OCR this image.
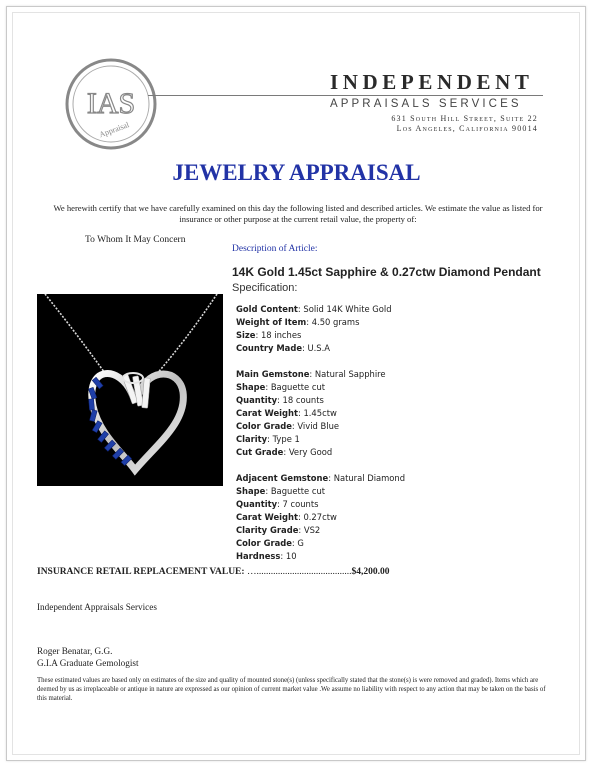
IAS
Appraisal
INDEPENDENT
APPRAISALS SERVICES
631 South Hill Street, Suite 22
Los Angeles, California 90014
JEWELRY APPRAISAL
We herewith certify that we have carefully examined on this day the following listed and described articles. We estimate the value as listed for insurance or other purpose at the current retail value, the property of:
To Whom It May Concern
Description of Article:
14K Gold 1.45ct Sapphire & 0.27ctw Diamond Pendant
Specification:
Gold Content: Solid 14K White Gold
Weight of Item: 4.50 grams
Size: 18 inches
Country Made: U.S.A
Main Gemstone: Natural Sapphire
Shape: Baguette cut
Quantity: 18 counts
Carat Weight: 1.45ctw
Color Grade: Vivid Blue
Clarity: Type 1
Cut Grade: Very Good
Adjacent Gemstone: Natural Diamond
Shape: Baguette cut
Quantity: 7 counts
Carat Weight: 0.27ctw
Clarity Grade: VS2
Color Grade: G
Hardness: 10
INSURANCE RETAIL REPLACEMENT VALUE: …........................................$4,200.00
Independent Appraisals Services
Roger Benatar, G.G.
G.I.A Graduate Gemologist
These estimated values are based only on estimates of the size and quality of mounted stone(s) (unless specifically stated that the stone(s) is were removed and graded). Items which are deemed by us as irreplaceable or antique in nature are expressed as our opinion of current market value .We assume no liability with respect to any action that may be taken on the basis of this material.
